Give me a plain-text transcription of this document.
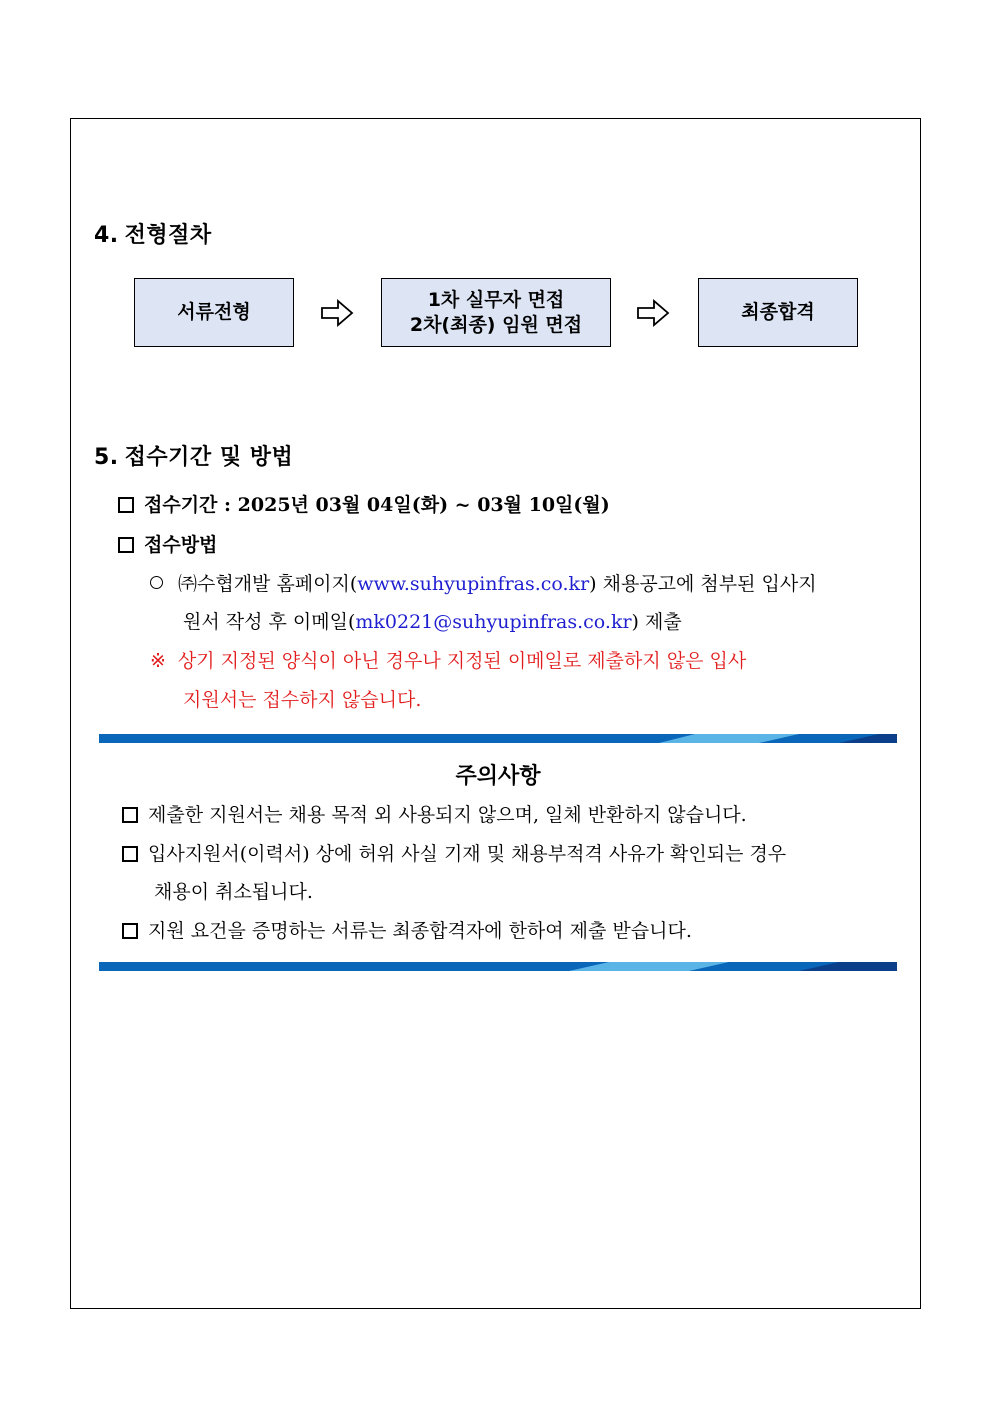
4. 전형절차
서류전형
1차 실무자 면접
2차(최종) 임원 면접
최종합격
5. 접수기간 및 방법
접수기간 : 2025년 03월 04일(화) ~ 03월 10일(월)
접수방법
㈜수협개발 홈페이지(www.suhyupinfras.co.kr) 채용공고에 첨부된 입사지
원서 작성 후 이메일(mk0221@suhyupinfras.co.kr) 제출
※ 상기 지정된 양식이 아닌 경우나 지정된 이메일로 제출하지 않은 입사
지원서는 접수하지 않습니다.
주의사항
제출한 지원서는 채용 목적 외 사용되지 않으며, 일체 반환하지 않습니다.
입사지원서(이력서) 상에 허위 사실 기재 및 채용부적격 사유가 확인되는 경우
채용이 취소됩니다.
지원 요건을 증명하는 서류는 최종합격자에 한하여 제출 받습니다.
